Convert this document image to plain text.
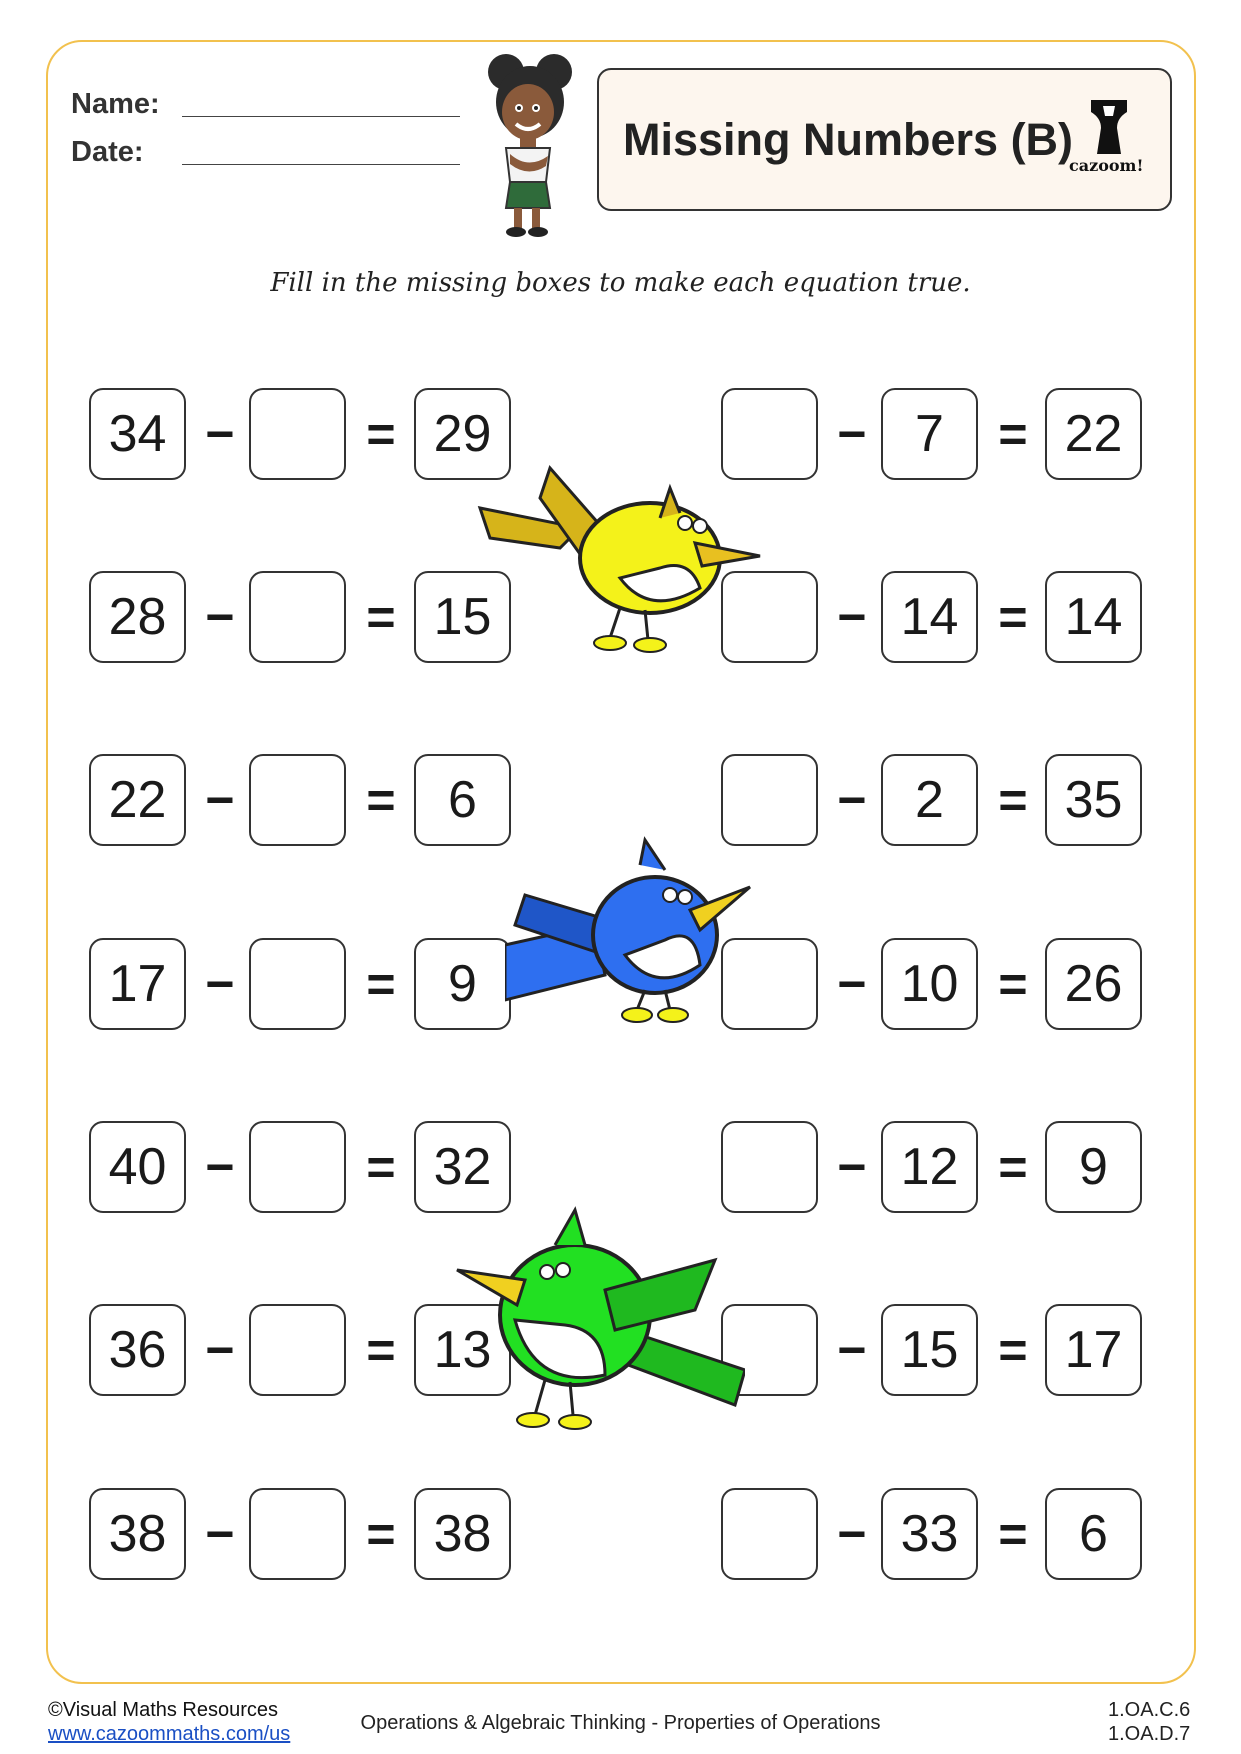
Name:
Date:	Missing Numbers (B)
cazoom!
Fill in the missing boxes to make each equation true.
34	29
−	=
28	15
−	=
22	6
−	=
17	9
−	=
40	32
−	=
36	13
−	=
38	38
−	=
7	22
−	=
14	14
−	=
2	35
−	=
10	26
−	=
12	9
−	=
15	17
−	=
33	6
−	=
©Visual Maths Resources
www.cazoommaths.com/us	Operations & Algebraic Thinking - Properties of Operations
1.OA.C.6
1.OA.D.7
